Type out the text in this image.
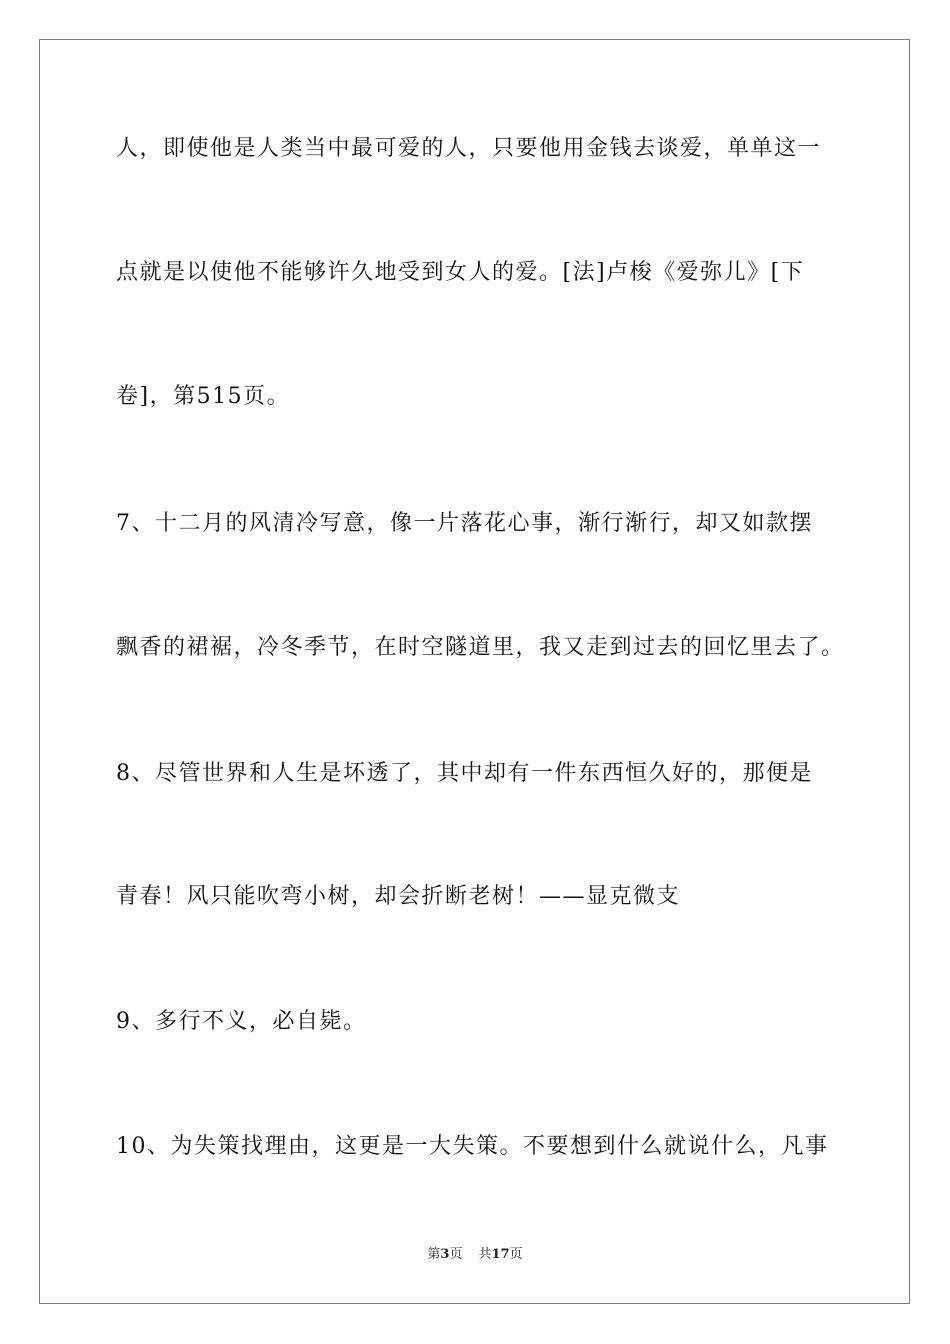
人，即使他是人类当中最可爱的人，只要他用金钱去谈爱，单单这一
点就是以使他不能够许久地受到女人的爱。[法]卢梭《爱弥儿》[下
卷]，第515页。
7、十二月的风清冷写意，像一片落花心事，渐行渐行，却又如款摆
飘香的裙裾，冷冬季节，在时空隧道里，我又走到过去的回忆里去了。
8、尽管世界和人生是坏透了，其中却有一件东西恒久好的，那便是
青春！风只能吹弯小树，却会折断老树！——显克微支
9、多行不义，必自毙。
10、为失策找理由，这更是一大失策。不要想到什么就说什么，凡事
第3页 共17页
